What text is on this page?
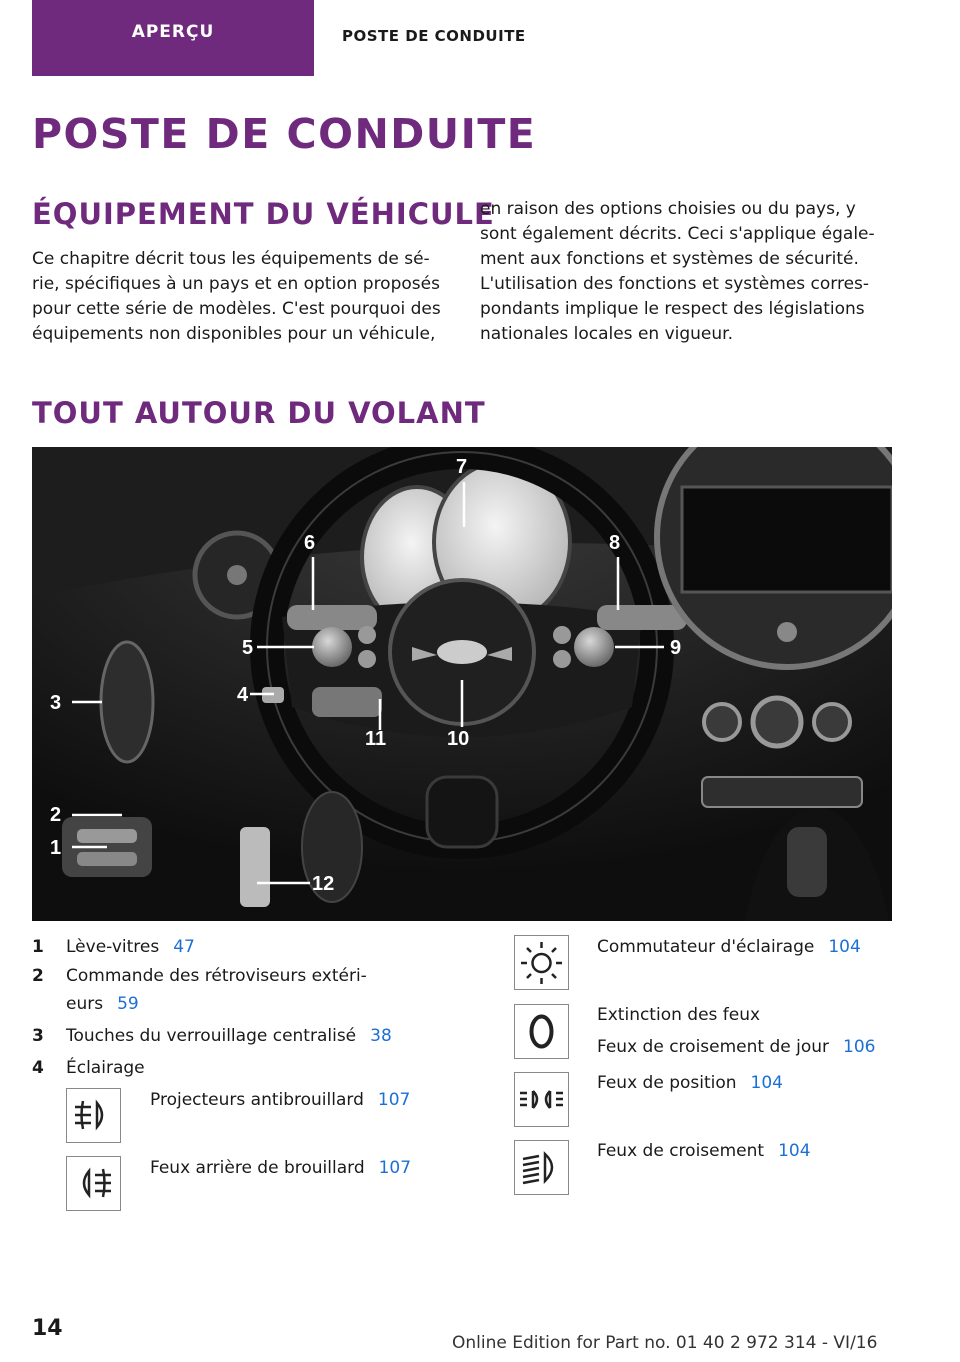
APERÇU	POSTE DE CONDUITE
POSTE DE CONDUITE
ÉQUIPEMENT DU VÉHICULE
Ce chapitre décrit tous les équipements de sé‐
rie, spécifiques à un pays et en option proposés
pour cette série de modèles. C'est pourquoi des
équipements non disponibles pour un véhicule,
en raison des options choisies ou du pays, y
sont également décrits. Ceci s'applique égale‐
ment aux fonctions et systèmes de sécurité.
L'utilisation des fonctions et systèmes corres‐
pondants implique le respect des législations
nationales locales en vigueur.
TOUT AUTOUR DU VOLANT
1
2
3	4
5
6
7
8
9
10
11
12
1 Lève-vitres 47
2 Commande des rétroviseurs extéri‐
eurs 59
3 Touches du verrouillage centralisé 38
4 Éclairage
Projecteurs antibrouillard 107
Feux arrière de brouillard 107
Commutateur d'éclairage 104
Extinction des feux
Feux de croisement de jour 106
Feux de position 104
Feux de croisement 104
14
Online Edition for Part no. 01 40 2 972 314 - VI/16
